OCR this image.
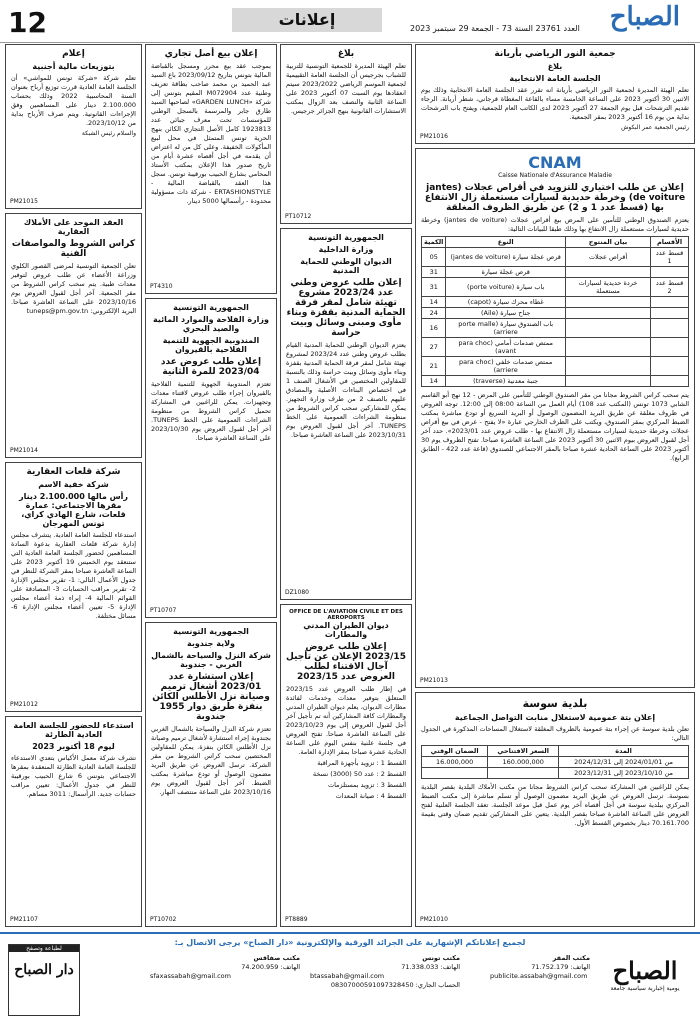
12	إعلانات	العدد 23761 السنة 73 - الجمعة 29 سبتمبر 2023 الصباح
جمعية النور الرياضي بأريانة
بلاغ
الجلسة العامة الانتخابية

تعلم الهيئة المديرة لجمعية النور الرياضي بأريانة انه تقرر عقد الجلسة العامة الانتخابية وذلك يوم الاثنين 30 أكتوبر 2023 على الساعة الخامسة مساء بالقاعة المغطاة قرجاني، شطر أريانة. الرجاء تقديم الترشحات قبل يوم الجمعة 27 أكتوبر 2023 لدى الكاتب العام للجمعية، ويفتح باب الترشحات بداية من يوم 16 أكتوبر 2023 بمقر الجمعية.

رئيس الجمعية عمر البكوش
PM21016
CNAM
Caisse Nationale d'Assurance Maladie
إعلان عن طلب اختياري للتزويد في أقراص عجلات (jantes de voiture) وخرطة حديدية لسيارات مستعملة زال الانتفاع بها (قسط عدد 1 و 2) عن طريق الظروف المغلقة

يعتزم الصندوق الوطني للتأمين على المرض بيع أقراص عجلات (jantes de voiture) وخرطة حديدية لسيارات مستعملة زال الانتفاع بها وذلك طبقا للبيانات التالية:

الأقسام	بيان المنتوج	النوع	الكمية
قسط عدد 1	أقراص عجلات	قرص عجلة سيارة (jantes de voiture)	05
		قرص عجلة سيارة	31
قسط عدد 2	خردة حديدية لسيارات مستعملة	باب سيارة (porte voiture)	31
		غطاء محرك سيارة (capot)	14
		جناح سيارة (Aile)	24
		باب الصندوق سيارة (porte malle arriere)	16
		ممتص صدمات أمامي (para choc avant)	27
		ممتص صدمات خلفي (para choc arriere)	21
		جنبة معدنية (traverse)	14

يتم سحب كراس الشروط مجانا من مقر الصندوق الوطني للتأمين على المرض - 12 نهج أبو القاسم الشابي 1073 تونس (المكتب عدد 108) أيام العمل من الساعة 08:00 إلى 12:00. توجه العروض في ظروف مغلقة عن طريق البريد المضمون الوصول أو البريد السريع أو تودع مباشرة بمكتب الضبط المركزي بمقر الصندوق، ويكتب على الظرف الخارجي عبارة «لا يفتح - عرض في بيع أقراص عجلات وخرطة حديدية لسيارات مستعملة زال الانتفاع بها - طلب عروض عدد 2023/01». حدد آخر أجل لقبول العروض بيوم الاثنين 30 أكتوبر 2023 على الساعة العاشرة صباحا. تفتح الظروف يوم 30 أكتوبر 2023 على الساعة الحادية عشرة صباحا بالمقر الاجتماعي للصندوق (قاعة عدد 422 - الطابق الرابع).

PM21013
بلدية سوسة
إعلان بتة عمومية لاستغلال منابت التواصل الجماعية

تعلن بلدية سوسة عن إجراء بتة عمومية بالظروف المغلقة لاستغلال المساحات المذكورة في الجدول التالي:

المدة	السعر الافتتاحي	الضمان الوقتي
من 2024/01/01 إلى 2024/12/31	160.000,000	16.000,000
من 2023/10/10 إلى 2023/12/31		

يمكن للراغبين في المشاركة سحب كراس الشروط مجانا من مكتب الأملاك البلدية بقصر البلدية بسوسة. ترسل العروض عن طريق البريد مضمون الوصول أو تسلم مباشرة إلى مكتب الضبط المركزي ببلدية سوسة في أجل أقصاه آخر يوم عمل قبل موعد الجلسة. تعقد الجلسة العلنية لفتح العروض على الساعة العاشرة صباحا بقصر البلدية. يتعين على المشاركين تقديم ضمان وقتي بقيمة 70.161.700 دينار بخصوص القسط الأول.

PM21010
بلاغ

تعلم الهيئة المديرة للجمعية التونسية للتربية للشباب بجرجيس أن الجلسة العامة التقييمية لجمعية الموسم الرياضي 2023/2022 سيتم انعقادها يوم السبت 07 أكتوبر 2023 على الساعة الثانية والنصف بعد الزوال بمكتب الاستشارات القانونية بنهج الجزائر جرجيس.

PT10712
الجمهورية التونسية
وزارة الداخلية
الديوان الوطني للحماية المدنية
إعلان طلب عروض وطني عدد 2023/24 مشروع تهيئة شامل لمقر فرقة الحماية المدنية بقفزة وبناء مأوى ومبنى وسائل وبيت حراسة

يعتزم الديوان الوطني للحماية المدنية القيام بطلب عروض وطني عدد 2023/24 لمشروع تهيئة شامل لمقر فرقة الحماية المدنية بقفزة وبناء مأوى وسائل وبيت حراسة وذلك بالنسبة للمقاولين المختصين في الأشغال الصنف 1 في اختصاص البناءات الأصلية والمصادق عليهم بالصنف 2 من طرف وزارة التجهيز. يمكن للمشاركين سحب كراس الشروط من منظومة الشراءات العمومية على الخط TUNEPS. آخر أجل لقبول العروض يوم 2023/10/31 على الساعة العاشرة صباحا.

DZ1080
OFFICE DE L'AVIATION CIVILE ET DES AEROPORTS
ديوان الطيران المدني والمطارات
إعلان طلب عروض 2023/15 الإعلان عن تأجيل آجال الاقتناء لطلب العروض عدد 2023/15

في إطار طلب العروض عدد 2023/15 المتعلق بتوفير معدات وخدمات لفائدة مطارات الديوان، يعلم ديوان الطيران المدني والمطارات كافة المشاركين أنه تم تأجيل آخر أجل لقبول العروض إلى يوم 2023/10/23 على الساعة العاشرة صباحا. تفتح العروض في جلسة علنية بنفس اليوم على الساعة الحادية عشرة صباحا بمقر الإدارة العامة.

القسط 1 : تزويد بأجهزة المراقبة

القسط 2 : عدد 50 (3000) نسخة

القسط 3 : تزويد بمستلزمات

القسط 4 : صيانة المعدات

PT8889
إعلان بيع أصل تجاري

بموجب عقد بيع محرر ومسجل بالقباضة المالية بتونس بتاريخ 2023/09/12 باع السيد عبد الحميد بن محمد صاحب بطاقة تعريف وطنية عدد M072904 المقيم بتونس إلى شركة «GARDEN LUNCH» لصاحبها السيد طارق جابر والمرسمة بالسجل الوطني للمؤسسات تحت معرف جبائي عدد 1923813 كامل الأصل التجاري الكائن بنهج الحرية تونس المتمثل في محل لبيع المأكولات الخفيفة. وعلى كل من له اعتراض أن يقدمه في أجل أقصاه عشرة أيام من تاريخ صدور هذا الإعلان بمكتب الأستاذ المحامي بشارع الحبيب بورقيبة تونس. سجل هذا العقد بالقباضة المالية - ERTASHIONSTYLE - شركة ذات مسؤولية محدودة - رأسمالها 5000 دينار.

PT4310
الجمهورية التونسية
وزارة الفلاحة والموارد المائية والصيد البحري
المندوبية الجهوية للتنمية الفلاحية بالقيروان
إعلان طلب عروض عدد 2023/04 للمرة الثانية

تعتزم المندوبية الجهوية للتنمية الفلاحية بالقيروان إجراء طلب عروض لاقتناء معدات وتجهيزات. يمكن للراغبين في المشاركة تحميل كراس الشروط من منظومة الشراءات العمومية على الخط TUNEPS. آخر أجل لقبول العروض يوم 2023/10/30 على الساعة العاشرة صباحا.

PT10707
الجمهورية التونسية
ولاية جندوبة
شركة النزل والسياحة بالشمال الغربي - جندوبة
إعلان استشارة عدد 2023/01 أشغال ترميم وصيانة نزل الأطلس الكائن بنفزة طريق دوار 1955 جندوبة

تعتزم شركة النزل والسياحة بالشمال الغربي بجندوبة إجراء استشارة لأشغال ترميم وصيانة نزل الأطلس الكائن بنفزة. يمكن للمقاولين المختصين سحب كراس الشروط من مقر الشركة. ترسل العروض عن طريق البريد مضمون الوصول أو تودع مباشرة بمكتب الضبط. آخر أجل لقبول العروض يوم 2023/10/16 على الساعة منتصف النهار.

PT10702
إعلام
بتوزيعات مالية أجنبية

تعلم شركة «شركة تونس للمواشي» أن الجلسة العامة العادية قررت توزيع أرباح بعنوان السنة المحاسبية 2022 وذلك بحساب 2.100.000 دينار على المساهمين وفق الإجراءات القانونية. ويتم صرف الأرباح بداية من 2023/10/12.

والسلام رئيس الشبكة
PM21015
العقد الموحد على الأملاك العقارية
كراس الشروط والمواصفات الفنية

تعلن الجمعية التونسية لمرضى القصور الكلوي وزراعة الأعضاء عن طلب عروض لتوفير معدات طبية. يتم سحب كراس الشروط من مقر الجمعية. آخر أجل لقبول العروض يوم 2023/10/16 على الساعة العاشرة صباحا. البريد الإلكتروني: tuneps@pm.gov.tn

PM21014
شركة قلعات العقارية
شركة خفية الاسم
رأس مالها 2.100.000 دينار مقرها الاجتماعي: عمارة قلعات، شارع الهادي كراي، تونس المهرجان

استدعاء للجلسة العامة العادية. يتشرف مجلس إدارة شركة قلعات العقارية بدعوة السادة المساهمين لحضور الجلسة العامة العادية التي ستنعقد يوم الخميس 19 أكتوبر 2023 على الساعة العاشرة صباحا بمقر الشركة للنظر في جدول الأعمال التالي: 1- تقرير مجلس الإدارة 2- تقرير مراقب الحسابات 3- المصادقة على القوائم المالية 4- إبراء ذمة أعضاء مجلس الإدارة 5- تعيين أعضاء مجلس الإدارة 6- مسائل مختلفة.

PM21012
استدعاء للحضور للجلسة العامة العادية الطارئة
ليوم 18 أكتوبر 2023

تشرف شركة معمل الأكياس بتعدي الاستدعاء للجلسة العامة العادية الطارئة المنعقدة بمقرها الاجتماعي بتونس 6 شارع الحبيب بورقيبة للنظر في جدول الأعمال: تعيين مراقب حسابات جديد. الرأسمال: 3011 مساهم.

PM21107
لجميع إعلاناتكم الإشهارية على الجرائد الورقية والإلكترونية «دار الصباح» يرجى الاتصال بـ:
مكتب المقر
الهاتف: 71.752.179
publicite.assabah@gmail.com
مكتب تونس
الهاتف: 71.338.033
btassabah@gmail.com
الحساب الجاري: 08307000591097328450
مكتب صفاقس
الهاتف: 74.200.959
sfaxassabah@gmail.com	الصباح
يومية إخبارية سياسية جامعة
لطباعة وتصفح
دار الصباح
